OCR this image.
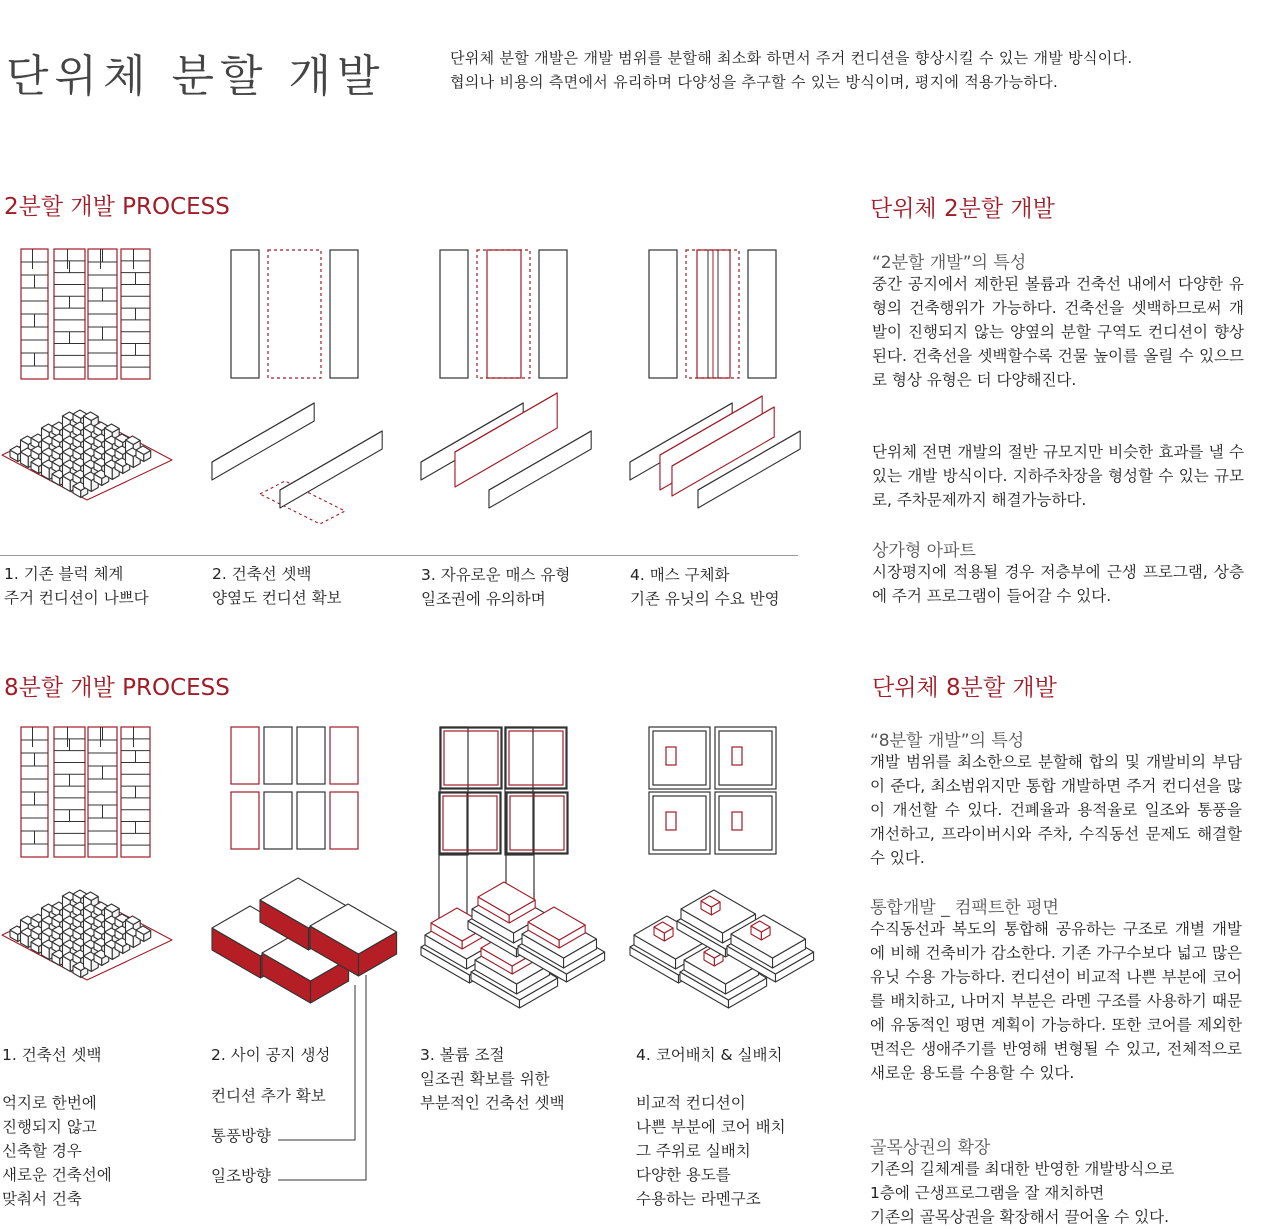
단위체 분할 개발	단위체 분할 개발은 개발 범위를 분할해 최소화 하면서 주거 컨디션을 향상시킬 수 있는 개발 방식이다.
협의나 비용의 측면에서 유리하며 다양성을 추구할 수 있는 방식이며, 평지에 적용가능하다.
2분할 개발 PROCESS
1. 기존 블럭 체계
주거 컨디션이 나쁘다
2. 건축선 셋백
양옆도 컨디션 확보
3. 자유로운 매스 유형
일조권에 유의하며
4. 매스 구체화
기존 유닛의 수요 반영
8분할 개발 PROCESS
1. 건축선 셋백
억지로 한번에
진행되지 않고
신축할 경우
새로운 건축선에
맞춰서 건축
2. 사이 공지 생성
컨디션 추가 확보
통풍방향
일조방향
3. 볼륨 조절
일조권 확보를 위한
부분적인 건축선 셋백
4. 코어배치 & 실배치
비교적 컨디션이
나쁜 부분에 코어 배치
그 주위로 실배치
다양한 용도를
수용하는 라멘구조
단위체 2분할 개발
“2분할 개발”의 특성
중간 공지에서 제한된 볼륨과 건축선 내에서 다양한 유형의 건축행위가 가능하다. 건축선을 셋백하므로써 개발이 진행되지 않는 양옆의 분할 구역도 컨디션이 향상된다. 건축선을 셋백할수록 건물 높이를 올릴 수 있으므로 형상 유형은 더 다양해진다.
단위체 전면 개발의 절반 규모지만 비슷한 효과를 낼 수 있는 개발 방식이다. 지하주차장을 형성할 수 있는 규모로, 주차문제까지 해결가능하다.
상가형 아파트
시장평지에 적용될 경우 저층부에 근생 프로그램, 상층에 주거 프로그램이 들어갈 수 있다.
단위체 8분할 개발
“8분할 개발”의 특성
개발 범위를 최소한으로 분할해 합의 및 개발비의 부담이 준다, 최소범위지만 통합 개발하면 주거 컨디션을 많이 개선할 수 있다. 건폐율과 용적율로 일조와 통풍을 개선하고, 프라이버시와 주차, 수직동선 문제도 해결할 수 있다.
통합개발 _ 컴팩트한 평면
수직동선과 복도의 통합해 공유하는 구조로 개별 개발에 비해 건축비가 감소한다. 기존 가구수보다 넓고 많은 유닛 수용 가능하다. 컨디션이 비교적 나쁜 부분에 코어를 배치하고, 나머지 부분은 라멘 구조를 사용하기 때문에 유동적인 평면 계획이 가능하다. 또한 코어를 제외한 면적은 생애주기를 반영해 변형될 수 있고, 전체적으로 새로운 용도를 수용할 수 있다.
골목상권의 확장
기존의 길체계를 최대한 반영한 개발방식으로
1층에 근생프로그램을 잘 재치하면
기존의 골목상권을 확장해서 끌어올 수 있다.
